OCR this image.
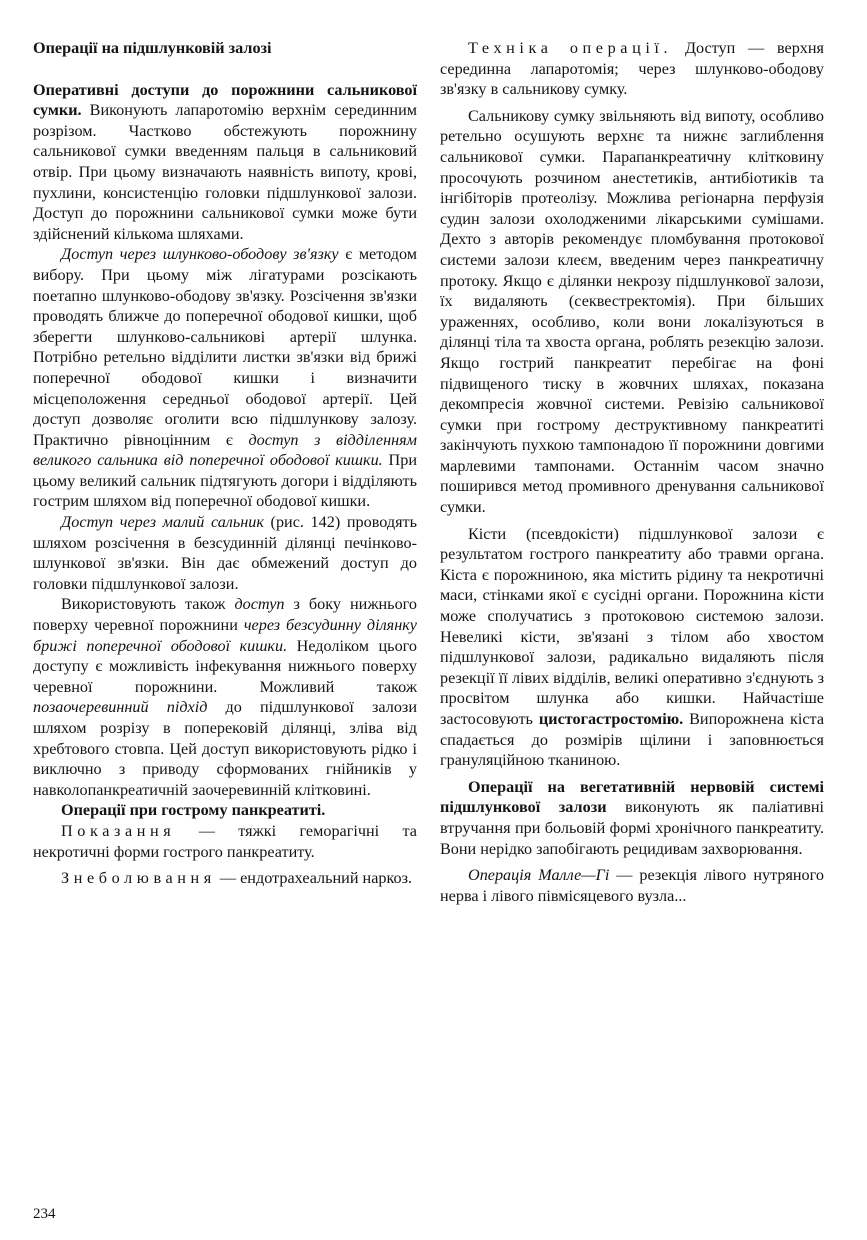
Операції на підшлунковій залозі

Оперативні доступи до порожнини сальникової сумки. Виконують лапаротомію верхнім серединним розрізом. Частково обстежують порожнину сальникової сумки введенням пальця в сальниковий отвір. При цьому визначають наявність випоту, крові, пухлини, консистенцію головки підшлункової залози. Доступ до порожнини сальникової сумки може бути здійснений кількома шляхами.

Доступ через шлунково-ободову зв'язку є методом вибору. При цьому між лігатурами розсікають поетапно шлунково-ободову зв'язку. Розсічення зв'язки проводять ближче до поперечної ободової кишки, щоб зберегти шлунково-сальникові артерії шлунка. Потрібно ретельно відділити листки зв'язки від брижі поперечної ободової кишки і визначити місцеположення середньої ободової артерії. Цей доступ дозволяє оголити всю підшлункову залозу. Практично рівноцінним є доступ з відділенням великого сальника від поперечної ободової кишки. При цьому великий сальник підтягують догори і відділяють гострим шляхом від поперечної ободової кишки.

Доступ через малий сальник (рис. 142) проводять шляхом розсічення в безсудинній ділянці печінково-шлункової зв'язки. Він дає обмежений доступ до головки підшлункової залози.

Використовують також доступ з боку нижнього поверху черевної порожнини через безсудинну ділянку брижі поперечної ободової кишки. Недоліком цього доступу є можливість інфекування нижнього поверху черевної порожнини. Можливий також позаочеревинний підхід до підшлункової залози шляхом розрізу в поперековій ділянці, зліва від хребтового стовпа. Цей доступ використовують рідко і виключно з приводу сформованих гнійників у навколопанкреатичній заочеревинній клітковині.

Операції при гострому панкреатиті.

Показання — тяжкі геморагічні та некротичні форми гострого панкреатиту.

Знеболювання — ендотрахеальний наркоз.

Техніка операції. Доступ — верхня серединна лапаротомія; через шлунково-ободову зв'язку в сальникову сумку.

Сальникову сумку звільняють від випоту, особливо ретельно осушують верхнє та нижнє заглиблення сальникової сумки. Парапанкреатичну клітковину просочують розчином анестетиків, антибіотиків та інгібіторів протеолізу. Можлива регіонарна перфузія судин залози охолодженими лікарськими сумішами. Дехто з авторів рекомендує пломбування протокової системи залози клеєм, введеним через панкреатичну протоку. Якщо є ділянки некрозу підшлункової залози, їх видаляють (секвестректомія). При більших ураженнях, особливо, коли вони локалізуються в ділянці тіла та хвоста органа, роблять резекцію залози. Якщо гострий панкреатит перебігає на фоні підвищеного тиску в жовчних шляхах, показана декомпресія жовчної системи. Ревізію сальникової сумки при гострому деструктивному панкреатиті закінчують пухкою тампонадою її порожнини довгими марлевими тампонами. Останнім часом значно поширився метод промивного дренування сальникової сумки.

Кісти (псевдокісти) підшлункової залози є результатом гострого панкреатиту або травми органа. Кіста є порожниною, яка містить рідину та некротичні маси, стінками якої є сусідні органи. Порожнина кісти може сполучатись з протоковою системою залози. Невеликі кісти, зв'язані з тілом або хвостом підшлункової залози, радикально видаляють після резекції її лівих відділів, великі оперативно з'єднують з просвітом шлунка або кишки. Найчастіше застосовують цистогастростомію. Випорожнена кіста спадається до розмірів щілини і заповнюється грануляційною тканиною.

Операції на вегетативній нервовій системі підшлункової залози виконують як паліативні втручання при больовій формі хронічного панкреатиту. Вони нерідко запобігають рецидивам захворювання.

Операція Малле—Гі — резекція лівого нутряного нерва і лівого півмісяцевого вузла...

234
